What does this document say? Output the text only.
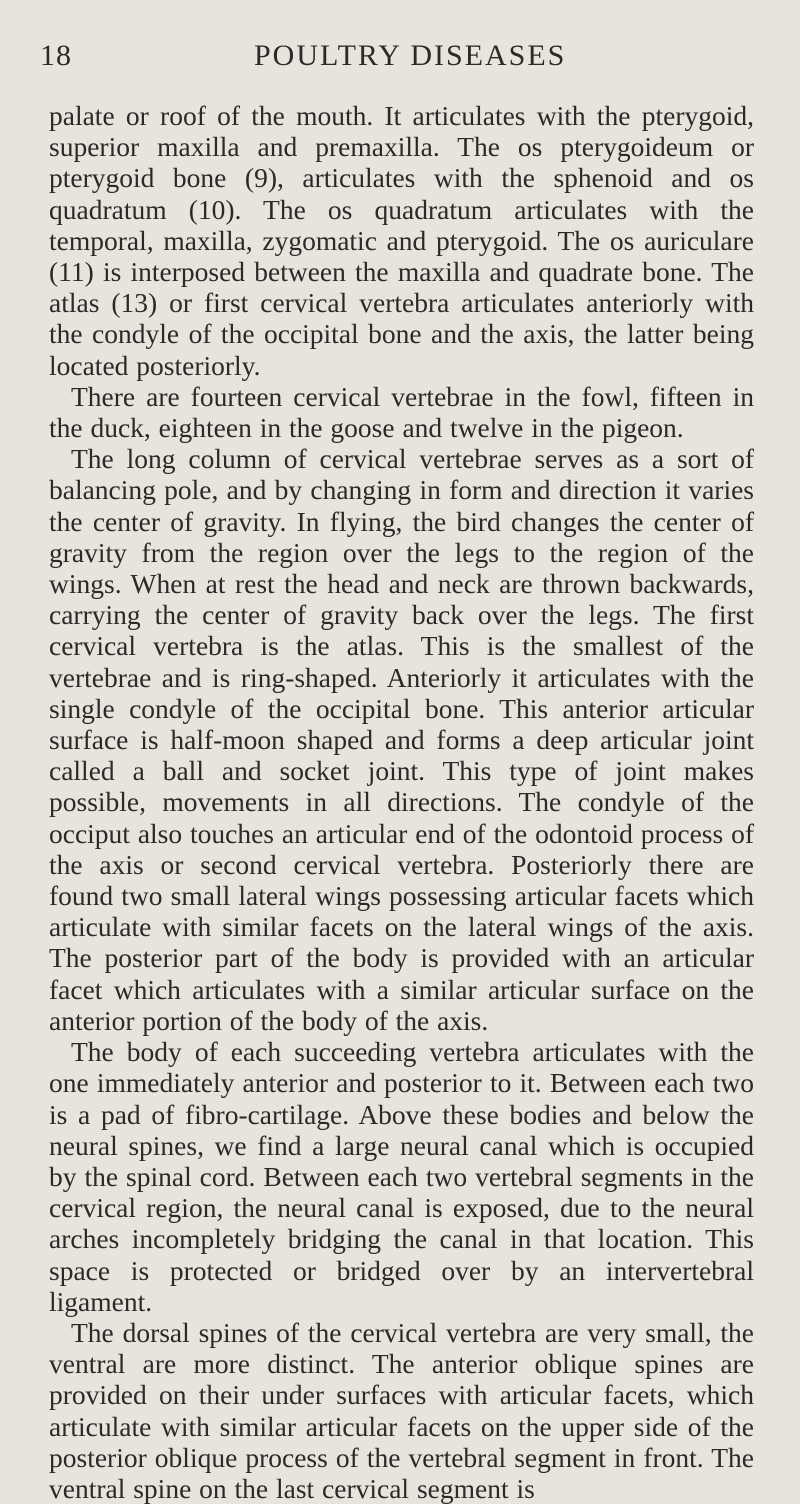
18	POULTRY DISEASES

palate or roof of the mouth. It articulates with the pterygoid, superior maxilla and premaxilla. The os pterygoideum or pterygoid bone (9), articulates with the sphenoid and os quadratum (10). The os quadratum articulates with the temporal, maxilla, zygomatic and pterygoid. The os auriculare (11) is interposed between the maxilla and quadrate bone. The atlas (13) or first cervical vertebra articulates anteriorly with the condyle of the occipital bone and the axis, the latter being located posteriorly.

There are fourteen cervical vertebrae in the fowl, fifteen in the duck, eighteen in the goose and twelve in the pigeon.

The long column of cervical vertebrae serves as a sort of balancing pole, and by changing in form and direction it varies the center of gravity. In flying, the bird changes the center of gravity from the region over the legs to the region of the wings. When at rest the head and neck are thrown backwards, carrying the center of gravity back over the legs. The first cervical vertebra is the atlas. This is the smallest of the vertebrae and is ring-shaped. Anteriorly it articulates with the single condyle of the occipital bone. This anterior articular surface is half-moon shaped and forms a deep articular joint called a ball and socket joint. This type of joint makes possible, movements in all directions. The condyle of the occiput also touches an articular end of the odontoid process of the axis or second cervical vertebra. Posteriorly there are found two small lateral wings possessing articular facets which articulate with similar facets on the lateral wings of the axis. The posterior part of the body is provided with an articular facet which articulates with a similar articular surface on the anterior portion of the body of the axis.

The body of each succeeding vertebra articulates with the one immediately anterior and posterior to it. Between each two is a pad of fibro-cartilage. Above these bodies and below the neural spines, we find a large neural canal which is occupied by the spinal cord. Between each two vertebral segments in the cervical region, the neural canal is exposed, due to the neural arches incompletely bridging the canal in that location. This space is protected or bridged over by an intervertebral ligament.

The dorsal spines of the cervical vertebra are very small, the ventral are more distinct. The anterior oblique spines are provided on their under surfaces with articular facets, which articulate with similar articular facets on the upper side of the posterior oblique process of the vertebral segment in front. The ventral spine on the last cervical segment is
